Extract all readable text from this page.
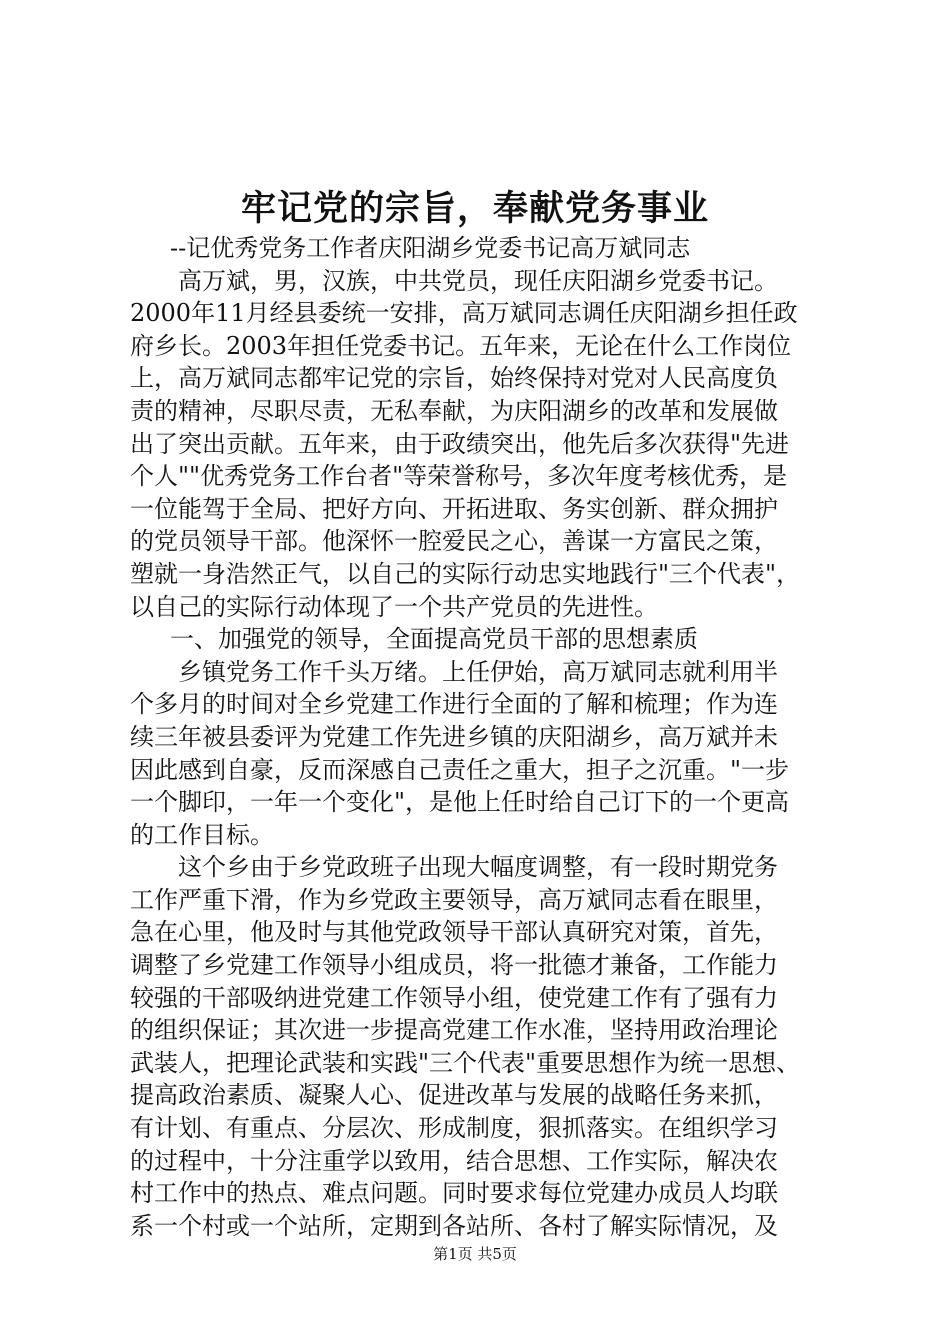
牢记党的宗旨，奉献党务事业
--记优秀党务工作者庆阳湖乡党委书记高万斌同志
高万斌，男，汉族，中共党员，现任庆阳湖乡党委书记。
2000年11月经县委统一安排，高万斌同志调任庆阳湖乡担任政
府乡长。2003年担任党委书记。五年来，无论在什么工作岗位
上，高万斌同志都牢记党的宗旨，始终保持对党对人民高度负
责的精神，尽职尽责，无私奉献，为庆阳湖乡的改革和发展做
出了突出贡献。五年来，由于政绩突出，他先后多次获得"先进
个人""优秀党务工作台者"等荣誉称号，多次年度考核优秀，是
一位能驾于全局、把好方向、开拓进取、务实创新、群众拥护
的党员领导干部。他深怀一腔爱民之心，善谋一方富民之策，
塑就一身浩然正气，以自己的实际行动忠实地践行"三个代表"，
以自己的实际行动体现了一个共产党员的先进性。
一、加强党的领导，全面提高党员干部的思想素质
乡镇党务工作千头万绪。上任伊始，高万斌同志就利用半
个多月的时间对全乡党建工作进行全面的了解和梳理；作为连
续三年被县委评为党建工作先进乡镇的庆阳湖乡，高万斌并未
因此感到自豪，反而深感自己责任之重大，担子之沉重。"一步
一个脚印，一年一个变化"，是他上任时给自己订下的一个更高
的工作目标。
这个乡由于乡党政班子出现大幅度调整，有一段时期党务
工作严重下滑，作为乡党政主要领导，高万斌同志看在眼里，
急在心里，他及时与其他党政领导干部认真研究对策，首先，
调整了乡党建工作领导小组成员，将一批德才兼备，工作能力
较强的干部吸纳进党建工作领导小组，使党建工作有了强有力
的组织保证；其次进一步提高党建工作水准，坚持用政治理论
武装人，把理论武装和实践"三个代表"重要思想作为统一思想、
提高政治素质、凝聚人心、促进改革与发展的战略任务来抓，
有计划、有重点、分层次、形成制度，狠抓落实。在组织学习
的过程中，十分注重学以致用，结合思想、工作实际，解决农
村工作中的热点、难点问题。同时要求每位党建办成员人均联
系一个村或一个站所，定期到各站所、各村了解实际情况，及
第1页 共5页
